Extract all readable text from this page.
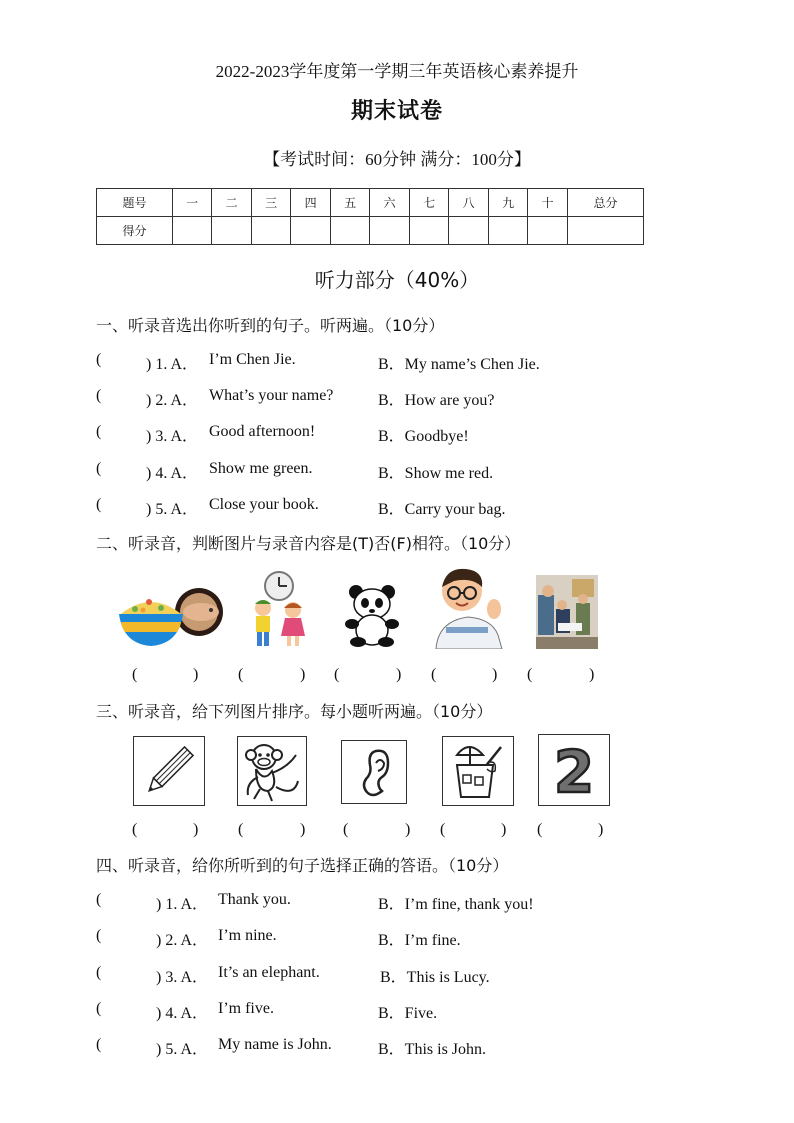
2022-2023学年度第一学期三年英语核心素养提升
期末试卷
【考试时间：60分钟 满分：100分】
题号	一	二	三	四	五	六	七	八	九	十	总分
得分											
听力部分（40%）
一、听录音选出你听到的句子。听两遍。（10分）
(	) 1. A． I’m Chen Jie.	B．My name’s Chen Jie.
(	) 2. A． What’s your name?	B．How are you?
(	) 3. A． Good afternoon!	B．Goodbye!
(	) 4. A． Show me green.	B．Show me red.
(	) 5. A． Close your book.	B．Carry your bag.
二、听录音，判断图片与录音内容是(T)否(F)相符。（10分）
(	) (	) (	) (	) (	)
三、听录音，给下列图片排序。每小题听两遍。（10分）
2
(	) (	) (	) (	) (	)
四、听录音，给你所听到的句子选择正确的答语。（10分）
(	) 1. A． Thank you.	B．I’m fine, thank you!
(	) 2. A． I’m nine.	B．I’m fine.
(	) 3. A． It’s an elephant.	B．This is Lucy.
(	) 4. A． I’m five.	B．Five.
(	) 5. A． My name is John.	B．This is John.
